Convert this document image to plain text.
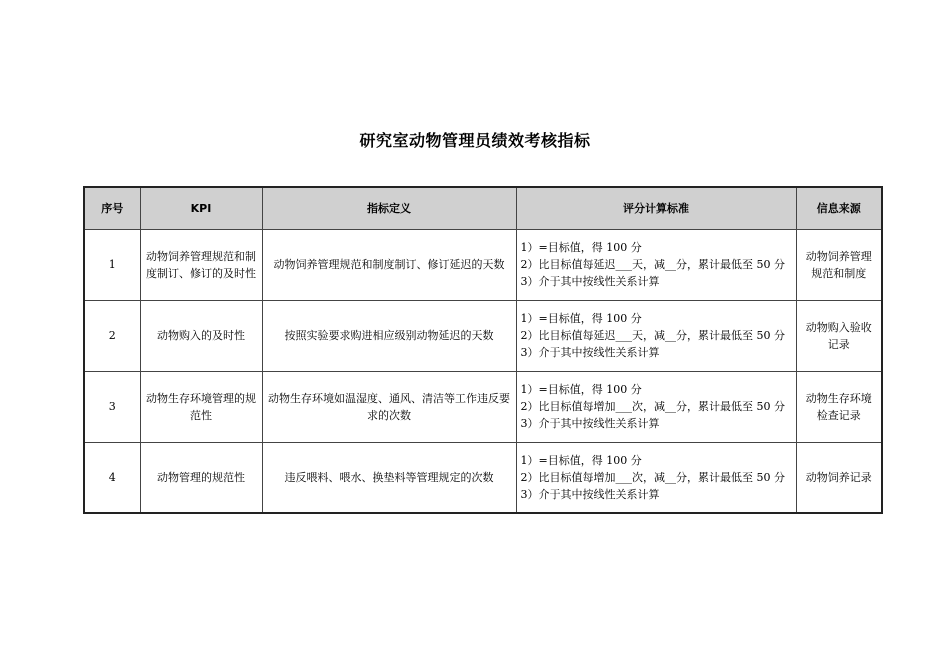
研究室动物管理员绩效考核指标
序号	KPI	指标定义	评分计算标准	信息来源
1	动物饲养管理规范和制度制订、修订的及时性	动物饲养管理规范和制度制订、修订延迟的天数	1）=目标值，得 100 分
2）比目标值每延迟___天，减__分，累计最低至 50 分
3）介于其中按线性关系计算	动物饲养管理规范和制度
2	动物购入的及时性	按照实验要求购进相应级别动物延迟的天数	1）=目标值，得 100 分
2）比目标值每延迟___天，减__分，累计最低至 50 分
3）介于其中按线性关系计算	动物购入验收记录
3	动物生存环境管理的规范性	动物生存环境如温湿度、通风、清洁等工作违反要求的次数	1）=目标值，得 100 分
2）比目标值每增加___次，减__分，累计最低至 50 分
3）介于其中按线性关系计算	动物生存环境检查记录
4	动物管理的规范性	违反喂料、喂水、换垫料等管理规定的次数	1）=目标值，得 100 分
2）比目标值每增加___次，减__分，累计最低至 50 分
3）介于其中按线性关系计算	动物饲养记录
